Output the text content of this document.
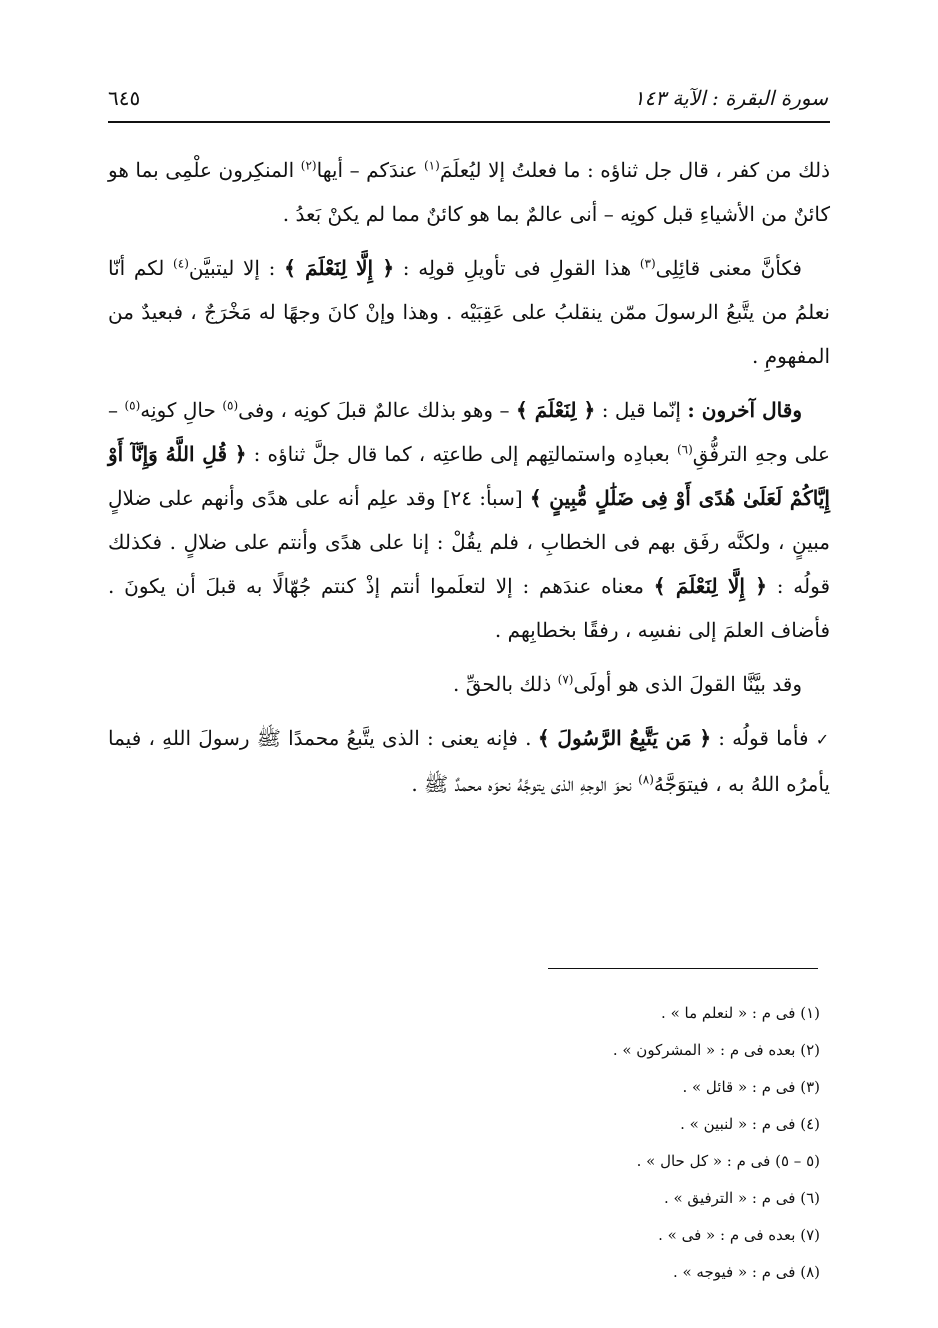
سورة البقرة : الآية ١٤٣
٦٤٥

ذلك من كفر ، قال جل ثناؤه : ما فعلتُ إلا ليُعلَمَ$^{(١)}$ عندَكم – أيها$^{(٢)}$ المنكِرون علْمِى بما هو كائنٌ من الأشياءِ قبل كونِه – أنى عالمٌ بما هو كائنٌ مما لم يكنْ بَعدُ .

فكأنَّ معنى قائِلِى$^{(٣)}$ هذا القولِ فى تأويلِ قولِه : ﴿ إِلَّا لِنَعْلَمَ ﴾ : إلا ليتبيَّن$^{(٤)}$ لكم أنّا نعلمُ من يتَّبعُ الرسولَ ممّن ينقلبُ على عَقِبَيْه . وهذا وإنْ كانَ وجهًا له مَخْرَجٌ ، فبعيدٌ من المفهومِ .

وقال آخرون : إنّما قيل : ﴿ لِنَعْلَمَ ﴾ – وهو بذلك عالمٌ قبلَ كونِه ، وفى$^{(٥)}$ حالِ كونِه$^{(٥)}$ – على وجهِ الترفُّقِ$^{(٦)}$ بعبادِه واستمالتِهم إلى طاعتِه ، كما قال جلَّ ثناؤه : ﴿ قُلِ اللَّهُ وَإِنَّآ أَوْ إِيَّاكُمْ لَعَلَىٰ هُدًى أَوْ فِى ضَلَٰلٍ مُّبِينٍ ﴾ [سبأ: ٢٤] وقد علِم أنه على هدًى وأنهم على ضلالٍ مبينٍ ، ولكنَّه رفَق بهم فى الخطابِ ، فلم يقُلْ : إنا على هدًى وأنتم على ضلالٍ . فكذلك قولُه : ﴿ إِلَّا لِنَعْلَمَ ﴾ معناه عندَهم : إلا لتعلَموا أنتم إذْ كنتم جُهّالًا به قبلَ أن يكونَ . فأضاف العلمَ إلى نفسِه ، رفقًا بخطابِهم .

وقد بيَّنَّا القولَ الذى هو أولَى$^{(٧)}$ ذلك بالحقِّ .

✓ فأما قولُه : ﴿ مَن يَتَّبِعُ الرَّسُولَ ﴾ . فإنه يعنى : الذى يتَّبعُ محمدًا ﷺ رسولَ اللهِ ، فيما يأمرُه اللهُ به ، فيتوَجَّهُ$^{(٨)}$ نحوَ الوجهِ الذى يتوجَّهُ نحوَه محمدٌ ﷺ .

(١) فى م : « لنعلم ما » .
(٢) بعده فى م : « المشركون » .
(٣) فى م : « قائل » .
(٤) فى م : « لنبين » .
(٥ – ٥) فى م : « كل حال » .
(٦) فى م : « الترفيق » .
(٧) بعده فى م : « فى » .
(٨) فى م : « فيوجه » .
